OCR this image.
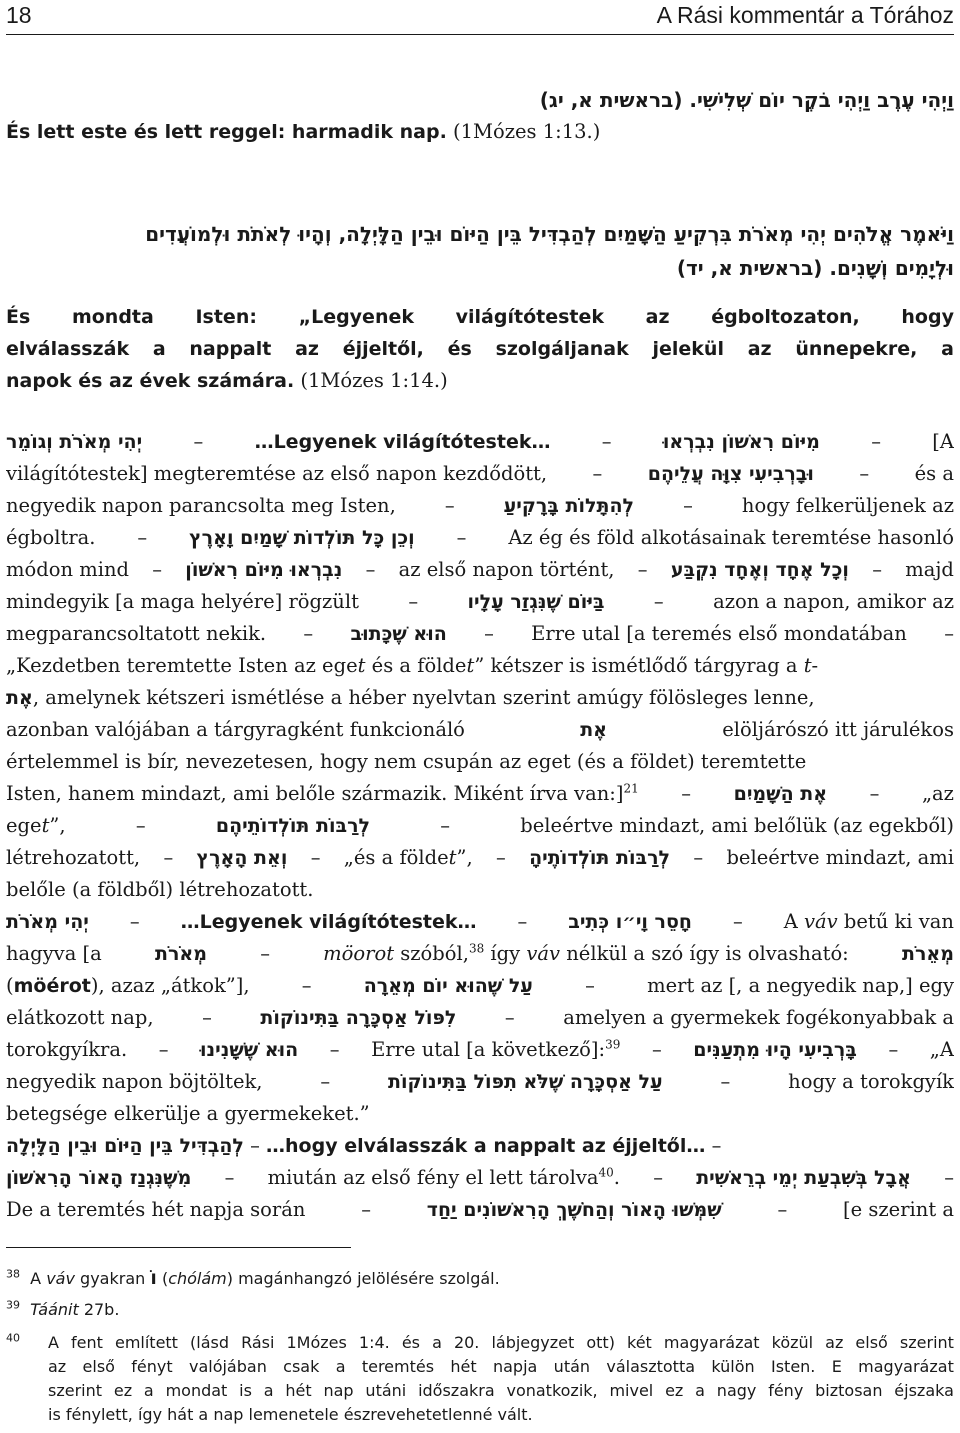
18	A Rási kommentár a Tórához
וַיְהִי עֶרֶב וַיְהִי בֹקֶר יוֹם שְׁלִישִׁי. (בראשית א, יג)
És lett este és lett reggel: harmadik nap. (1Mózes 1:13.)
וַיֹּאמֶר אֱלֹהִים יְהִי מְאֹרֹת בִּרְקִיעַ הַשָּׁמַיִם לְהַבְדִּיל בֵּין הַיּוֹם וּבֵין הַלָּיְלָה, וְהָיוּ לְאֹתֹת וּלְמוֹעֲדִים
וּלְיָמִים וְשָׁנִים. (בראשית א, יד)
És mondta Isten: „Legyenek világítótestek az égboltozaton, hogy
elválasszák a nappalt az éjjeltől, és szolgáljanak jelekül az ünnepekre, a
napok és az évek számára. (1Mózes 1:14.)
יְהִי מְאֹרֹת וְגוֹמֵר	–	…Legyenek világítótestek…	–	מִיּוֹם רִאשׁוֹן נִבְרְאוּ	–	[A
világítótestek] megteremtése az első napon kezdődött, – וּבָרְבִיעִי צִוָּה עֲלֵיהֶם – és a
negyedik napon parancsolta meg Isten,	–	לְהִתָּלוֹת בָּרָקִיעַ	–	hogy felkerüljenek az
égboltra. – וְכֵן כָּל תּוֹלְדוֹת שָׁמַיִם וָאָרֶץ – Az ég és föld alkotásainak teremtése hasonló
módon mind – נִבְרְאוּ מִיּוֹם רִאשׁוֹן – az első napon történt, – וְכָל אֶחָד וְאֶחָד נִקְבַּע – majd
mindegyik [a maga helyére] rögzült	–	בַּיּוֹם שֶׁנִּגְזַר עָלָיו	–	azon a napon, amikor az
megparancsoltatott nekik. – הוּא שֶׁכָּתוּב – Erre utal [a teremés első mondatában –
„Kezdetben teremtette Isten az eget és a földet” kétszer is ismétlődő tárgyrag a t-
אֶת, amelynek kétszeri ismétlése a héber nyelvtan szerint amúgy fölösleges lenne,
azonban valójában a tárgyragként funkcionáló	אֶת	elöljárószó itt járulékos
értelemmel is bír, nevezetesen, hogy nem csupán az eget (és a földet) teremtette
Isten, hanem mindazt, ami belőle származik. Miként írva van:]$^{21}$ – אֶת הַשָּׁמַיִם – „az
eget”,	–	לְרַבּוֹת תּוֹלְדוֹתֵיהֶם	–	beleértve mindazt, ami belőlük (az egekből)
létrehozatott, – וְאֵת הָאָרֶץ – „és a földet”, – לְרַבּוֹת תּוֹלְדוֹתֶיהָ – beleértve mindazt, ami
belőle (a földből) létrehozatott.
יְהִי מְאֹרֹת – …Legyenek világítótestek… – חָסֵר וָי״ו כְּתִיב – A váv betű ki van
hagyva [a	מְאֹרֹת	–	möorot szóból,$^{38}$ így váv nélkül a szó így is olvasható:	מְאֵרֹת
(möérot), azaz „átkok”],	–	עַל שֶׁהוּא יוֹם מְאֵרָה	–	mert az [, a negyedik nap,] egy
elátkozott nap, –	לִפּוֹל אַסְכָּרָה בַּתִּינוֹקוֹת – amelyen a gyermekek fogékonyabbak a
torokgyíkra. – הוּא שֶׁשָּׁנִינוּ – Erre utal [a következő]:$^{39}$ – בָּרְבִיעִי הָיוּ מִתְעַנִּים – „A
negyedik napon böjtöltek,	–	עַל אַסְכָּרָה שֶׁלֹּא תִפּוֹל בַּתִּינוֹקוֹת	–	hogy a torokgyík
betegsége elkerülje a gyermekeket.”
לְהַבְדִּיל בֵּין הַיּוֹם וּבֵין הַלָּיְלָה – …hogy elválasszák a nappalt az éjjeltől… –
מִשֶּׁנִּגְנַז הָאוֹר הָרִאשׁוֹן – miután az első fény el lett tárolva$^{40}$. – אֲבָל בְּשִׁבְעַת יְמֵי בְרֵאשִׁית –
De a teremtés hét napja során	–	שִׁמְּשׁוּ הָאוֹר וְהַחֹשֶׁךְ הָרִאשׁוֹנִים יַחַד	–	[e szerint a
$^{38}$ A váv gyakran וֹ (chólám) magánhangzó jelölésére szolgál.
$^{39}$ Táánit 27b.
$^{40}$	A fent említett (lásd Rási 1Mózes 1:4. és a 20. lábjegyzet ott) két magyarázat közül az első szerint
az első fényt valójában csak a teremtés hét napja után választotta külön Isten. E magyarázat
szerint ez a mondat is a hét nap utáni időszakra vonatkozik, mivel ez a nagy fény biztosan éjszaka
is fénylett, így hát a nap lemenetele észrevehetetlenné vált.
